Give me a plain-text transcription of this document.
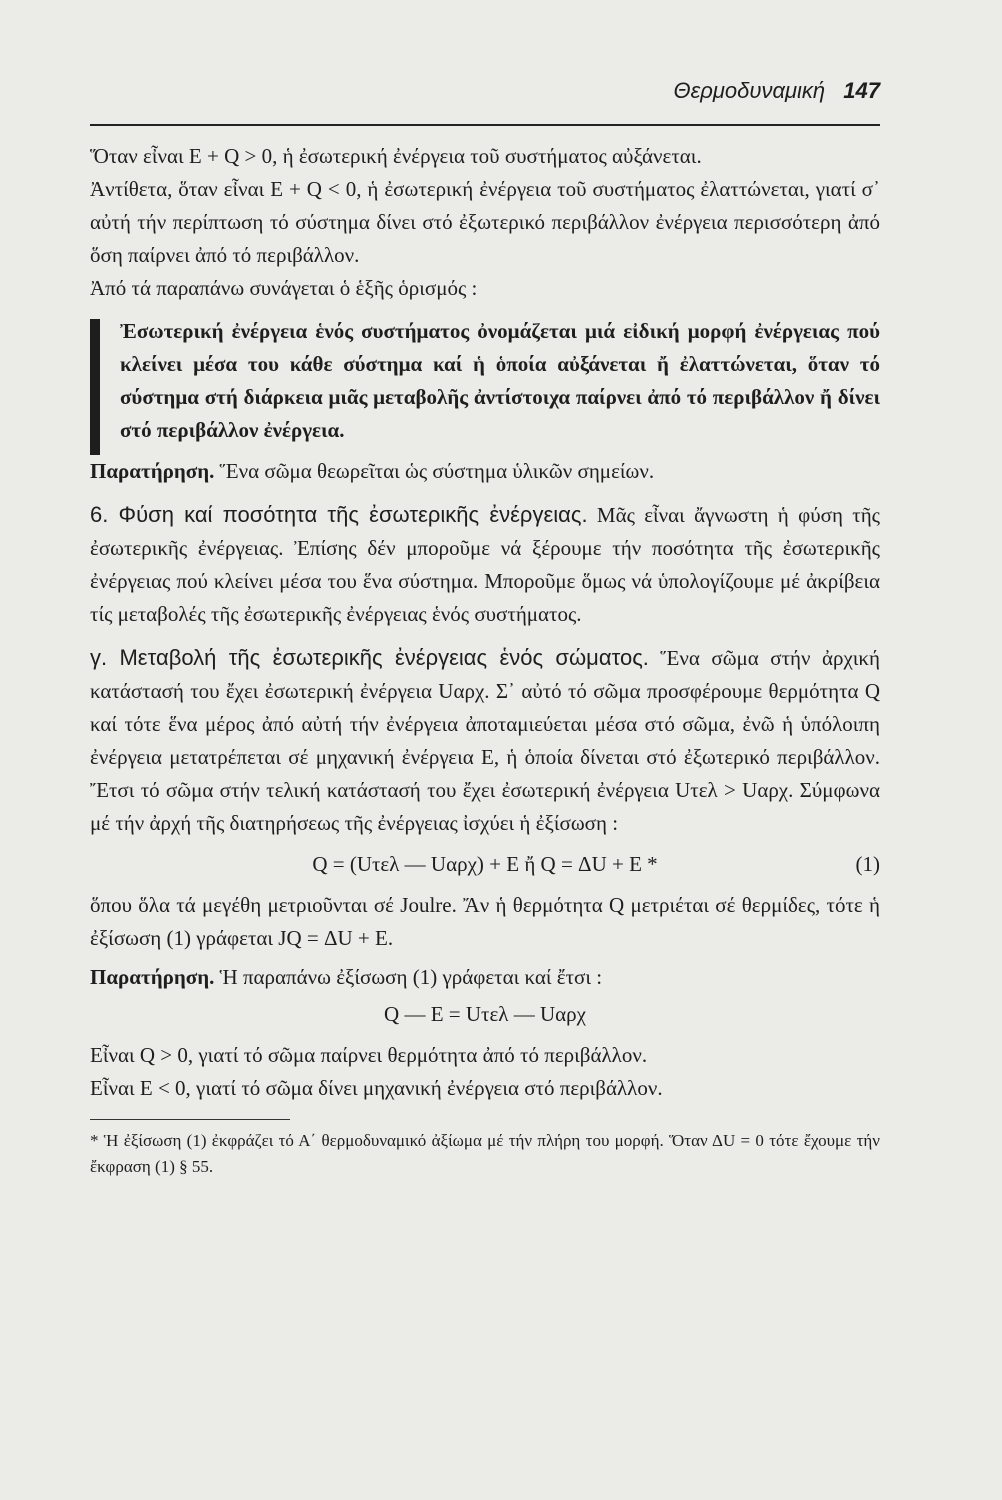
Θερμοδυναμική 147

Ὅταν εἶναι E + Q > 0, ἡ ἐσωτερική ἐνέργεια τοῦ συστήματος αὐξάνεται.

Ἀντίθετα, ὅταν εἶναι E + Q < 0, ἡ ἐσωτερική ἐνέργεια τοῦ συστήματος ἐλαττώνεται, γιατί σ᾽ αὐτή τήν περίπτωση τό σύστημα δίνει στό ἐξωτερικό περιβάλλον ἐνέργεια περισσότερη ἀπό ὅση παίρνει ἀπό τό περιβάλλον.

Ἀπό τά παραπάνω συνάγεται ὁ ἑξῆς ὁρισμός :

Ἐσωτερική ἐνέργεια ἑνός συστήματος ὀνομάζεται μιά εἰδική μορφή ἐνέργειας πού κλείνει μέσα του κάθε σύστημα καί ἡ ὁποία αὐξάνεται ἤ ἐλαττώνεται, ὅταν τό σύστημα στή διάρκεια μιᾶς μεταβολῆς ἀντίστοιχα παίρνει ἀπό τό περιβάλλον ἤ δίνει στό περιβάλλον ἐνέργεια.

Παρατήρηση. Ἕνα σῶμα θεωρεῖται ὡς σύστημα ὑλικῶν σημείων.

6. Φύση καί ποσότητα τῆς ἐσωτερικῆς ἐνέργειας. Μᾶς εἶναι ἄγνωστη ἡ φύση τῆς ἐσωτερικῆς ἐνέργειας. Ἐπίσης δέν μποροῦμε νά ξέρουμε τήν ποσότητα τῆς ἐσωτερικῆς ἐνέργειας πού κλείνει μέσα του ἕνα σύστημα. Μποροῦμε ὅμως νά ὑπολογίζουμε μέ ἀκρίβεια τίς μεταβολές τῆς ἐσωτερικῆς ἐνέργειας ἑνός συστήματος.

γ. Μεταβολή τῆς ἐσωτερικῆς ἐνέργειας ἑνός σώματος. Ἕνα σῶμα στήν ἀρχική κατάστασή του ἔχει ἐσωτερική ἐνέργεια Uαρχ. Σ᾽ αὐτό τό σῶμα προσφέρουμε θερμότητα Q καί τότε ἕνα μέρος ἀπό αὐτή τήν ἐνέργεια ἀποταμιεύεται μέσα στό σῶμα, ἐνῶ ἡ ὑπόλοιπη ἐνέργεια μετατρέπεται σέ μηχανική ἐνέργεια E, ἡ ὁποία δίνεται στό ἐξωτερικό περιβάλλον. Ἔτσι τό σῶμα στήν τελική κατάστασή του ἔχει ἐσωτερική ἐνέργεια Uτελ > Uαρχ. Σύμφωνα μέ τήν ἀρχή τῆς διατηρήσεως τῆς ἐνέργειας ἰσχύει ἡ ἐξίσωση :

Q = (Uτελ — Uαρχ) + E ἤ Q = ΔU + E *	(1)

ὅπου ὅλα τά μεγέθη μετριοῦνται σέ Joulre. Ἄν ἡ θερμότητα Q μετριέται σέ θερμίδες, τότε ἡ ἐξίσωση (1) γράφεται JQ = ΔU + E.

Παρατήρηση. Ἡ παραπάνω ἐξίσωση (1) γράφεται καί ἔτσι :

Q — E = Uτελ — Uαρχ

Εἶναι Q > 0, γιατί τό σῶμα παίρνει θερμότητα ἀπό τό περιβάλλον.

Εἶναι E < 0, γιατί τό σῶμα δίνει μηχανική ἐνέργεια στό περιβάλλον.

* Ἡ ἐξίσωση (1) ἐκφράζει τό Α΄ θερμοδυναμικό ἀξίωμα μέ τήν πλήρη του μορφή. Ὅταν ΔU = 0 τότε ἔχουμε τήν ἔκφραση (1) § 55.
